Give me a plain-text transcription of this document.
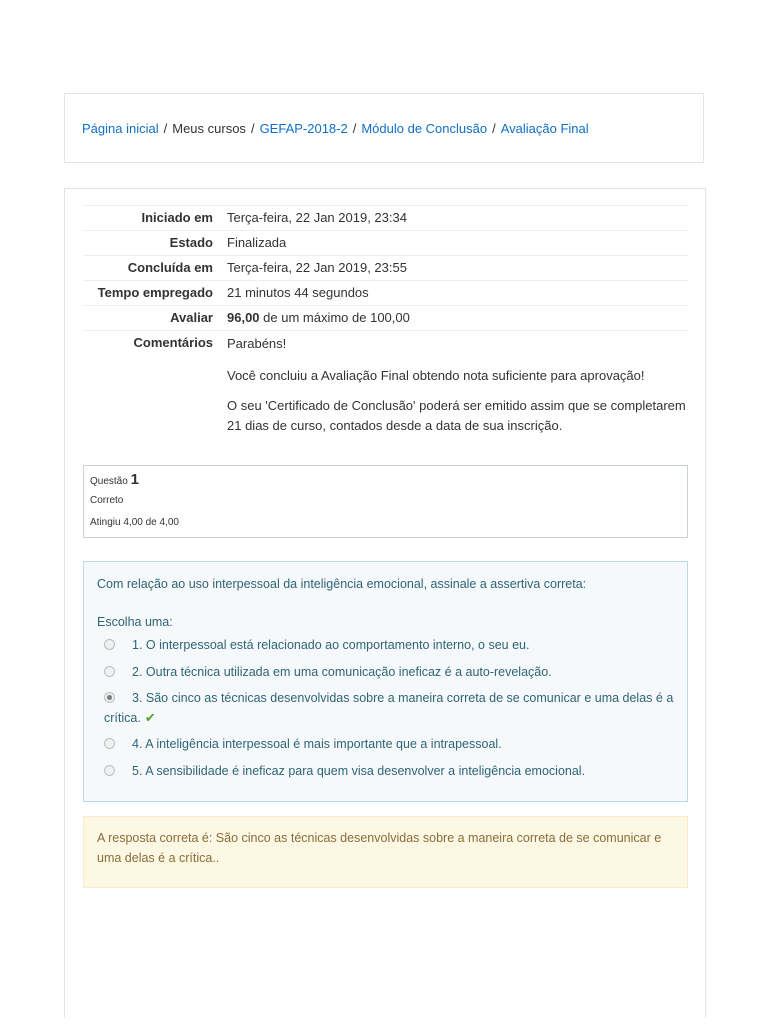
Página inicial / Meus cursos / GEFAP-2018-2 / Módulo de Conclusão / Avaliação Final
Iniciado em	Terça-feira, 22 Jan 2019, 23:34
Estado	Finalizada
Concluída em	Terça-feira, 22 Jan 2019, 23:55
Tempo empregado	21 minutos 44 segundos
Avaliar	96,00 de um máximo de 100,00
Comentários	Parabéns!

Você concluiu a Avaliação Final obtendo nota suficiente para aprovação!

O seu 'Certificado de Conclusão' poderá ser emitido assim que se completarem 21 dias de curso, contados desde a data de sua inscrição.

Questão 1
Correto
Atingiu 4,00 de 4,00
Com relação ao uso interpessoal da inteligência emocional, assinale a assertiva correta:
Escolha uma:
1. O interpessoal está relacionado ao comportamento interno, o seu eu.
2. Outra técnica utilizada em uma comunicação ineficaz é a auto-revelação.
3. São cinco as técnicas desenvolvidas sobre a maneira correta de se comunicar e uma delas é a crítica. ✔
4. A inteligência interpessoal é mais importante que a intrapessoal.
5. A sensibilidade é ineficaz para quem visa desenvolver a inteligência emocional.

A resposta correta é: São cinco as técnicas desenvolvidas sobre a maneira correta de se comunicar e uma delas é a crítica..
